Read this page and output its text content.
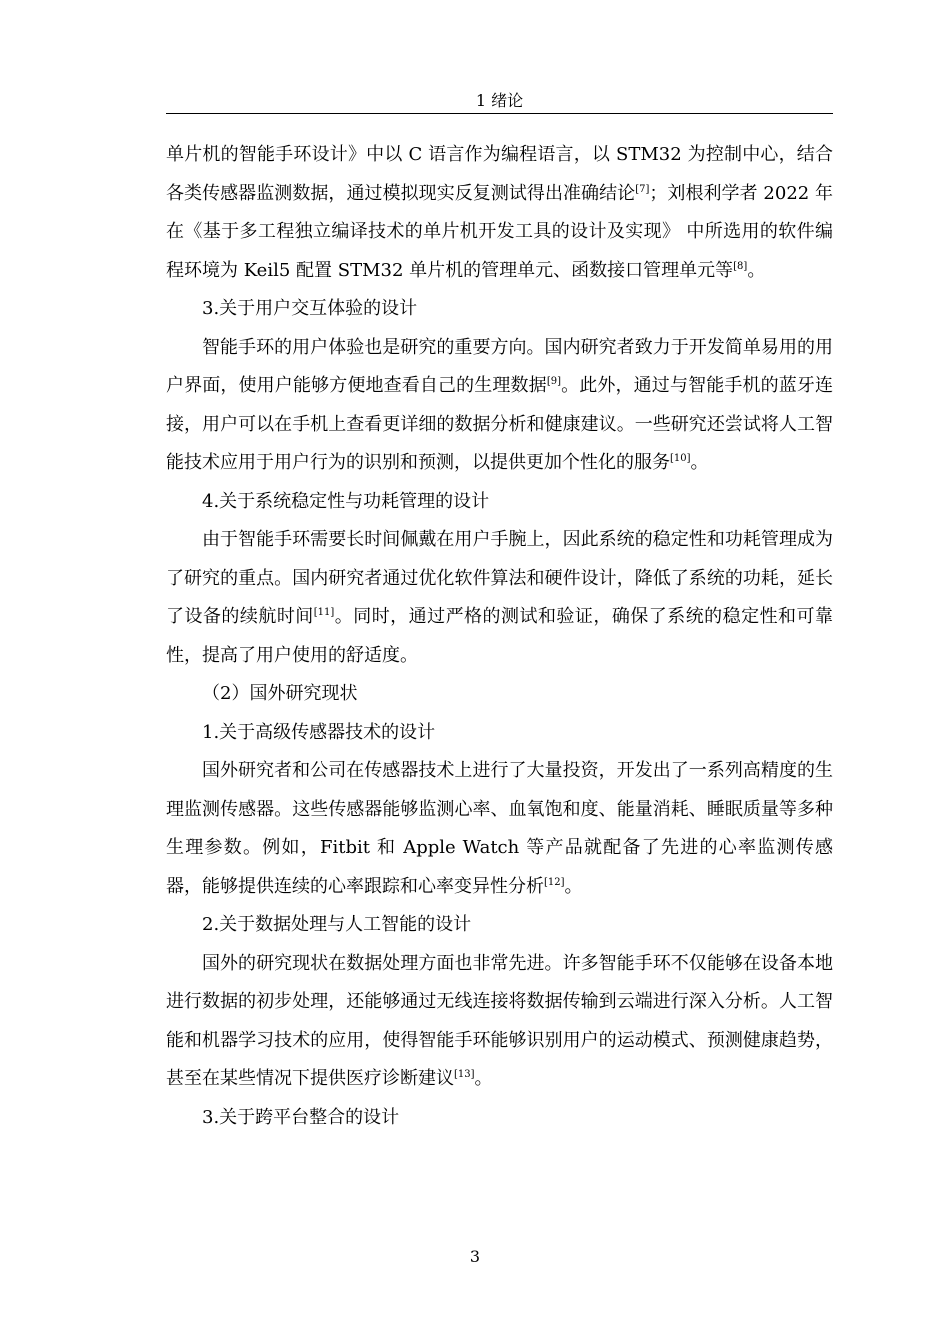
1 绪论

单片机的智能手环设计》中以 C 语言作为编程语言，以 STM32 为控制中心，结合各类传感器监测数据，通过模拟现实反复测试得出准确结论[7]；刘根利学者 2022 年在《基于多工程独立编译技术的单片机开发工具的设计及实现》 中所选用的软件编程环境为 Keil5 配置 STM32 单片机的管理单元、函数接口管理单元等[8]。

3.关于用户交互体验的设计

智能手环的用户体验也是研究的重要方向。国内研究者致力于开发简单易用的用户界面，使用户能够方便地查看自己的生理数据[9]。此外，通过与智能手机的蓝牙连接，用户可以在手机上查看更详细的数据分析和健康建议。一些研究还尝试将人工智能技术应用于用户行为的识别和预测，以提供更加个性化的服务[10]。

4.关于系统稳定性与功耗管理的设计

由于智能手环需要长时间佩戴在用户手腕上，因此系统的稳定性和功耗管理成为了研究的重点。国内研究者通过优化软件算法和硬件设计，降低了系统的功耗，延长了设备的续航时间[11]。同时，通过严格的测试和验证，确保了系统的稳定性和可靠性，提高了用户使用的舒适度。

（2）国外研究现状

1.关于高级传感器技术的设计

国外研究者和公司在传感器技术上进行了大量投资，开发出了一系列高精度的生理监测传感器。这些传感器能够监测心率、血氧饱和度、能量消耗、睡眠质量等多种生理参数。例如，Fitbit 和 Apple Watch 等产品就配备了先进的心率监测传感器，能够提供连续的心率跟踪和心率变异性分析[12]。

2.关于数据处理与人工智能的设计

国外的研究现状在数据处理方面也非常先进。许多智能手环不仅能够在设备本地进行数据的初步处理，还能够通过无线连接将数据传输到云端进行深入分析。人工智能和机器学习技术的应用，使得智能手环能够识别用户的运动模式、预测健康趋势，甚至在某些情况下提供医疗诊断建议[13]。

3.关于跨平台整合的设计

3
